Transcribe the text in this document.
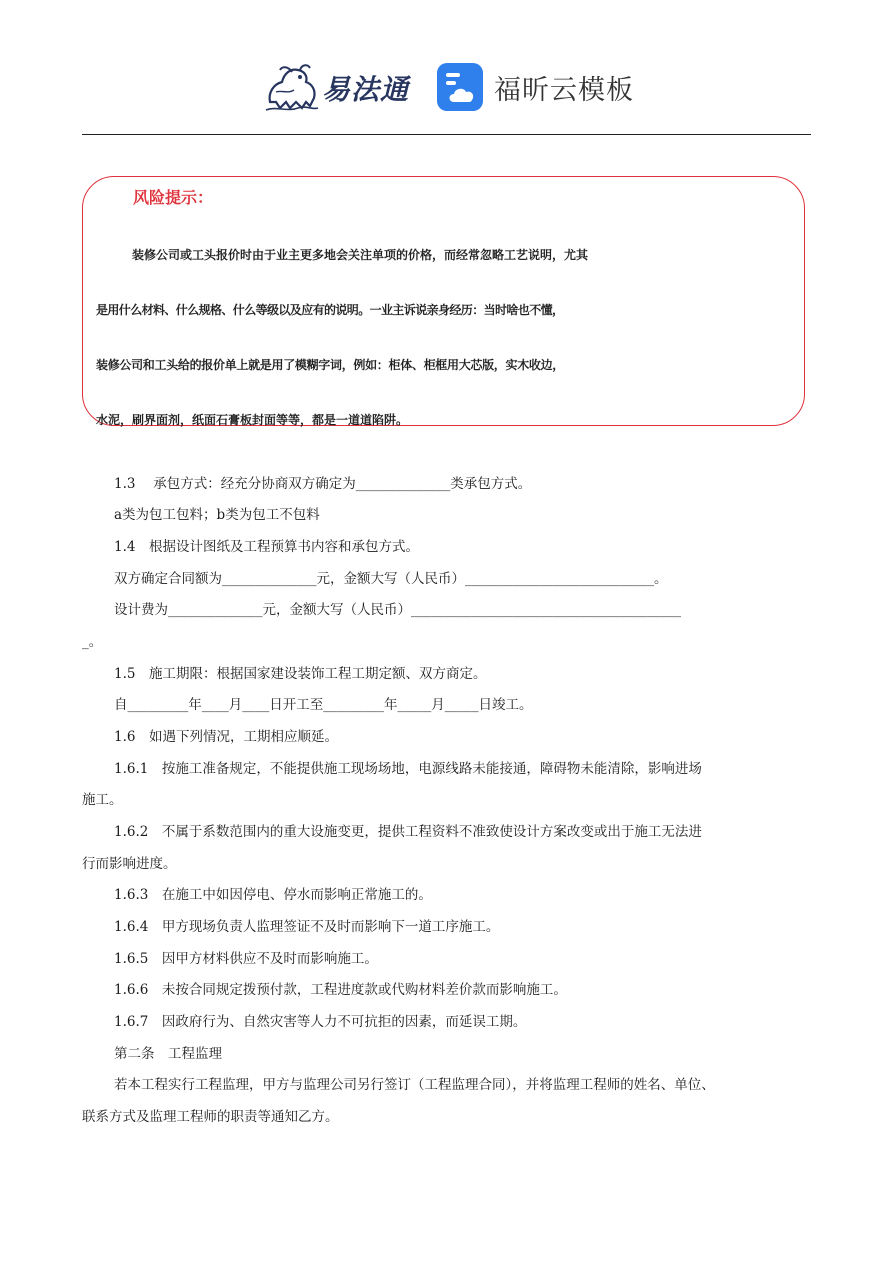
易法通	福昕云模板
风险提示：
装修公司或工头报价时由于业主更多地会关注单项的价格，而经常忽略工艺说明，尤其
是用什么材料、什么规格、什么等级以及应有的说明。一业主诉说亲身经历：当时啥也不懂，
装修公司和工头给的报价单上就是用了模糊字词，例如：柜体、柜框用大芯版，实木收边，
水泥，刷界面剂，纸面石膏板封面等等，都是一道道陷阱。
1.3　 承包方式：经充分协商双方确定为______________类承包方式。
a类为包工包料；b类为包工不包料
1.4　根据设计图纸及工程预算书内容和承包方式。
双方确定合同额为______________元，金额大写（人民币）____________________________。
设计费为______________元，金额大写（人民币）________________________________________
_。
1.5　施工期限：根据国家建设装饰工程工期定额、双方商定。
自_________年____月____日开工至_________年_____月_____日竣工。
1.6　如遇下列情况，工期相应顺延。
1.6.1　按施工准备规定，不能提供施工现场场地，电源线路未能接通，障碍物未能清除，影响进场
施工。
1.6.2　不属于系数范围内的重大设施变更，提供工程资料不准致使设计方案改变或出于施工无法进
行而影响进度。
1.6.3　在施工中如因停电、停水而影响正常施工的。
1.6.4　甲方现场负责人监理签证不及时而影响下一道工序施工。
1.6.5　因甲方材料供应不及时而影响施工。
1.6.6　未按合同规定拨预付款，工程进度款或代购材料差价款而影响施工。
1.6.7　因政府行为、自然灾害等人力不可抗拒的因素，而延误工期。
第二条　工程监理
若本工程实行工程监理，甲方与监理公司另行签订（工程监理合同），并将监理工程师的姓名、单位、
联系方式及监理工程师的职责等通知乙方。
